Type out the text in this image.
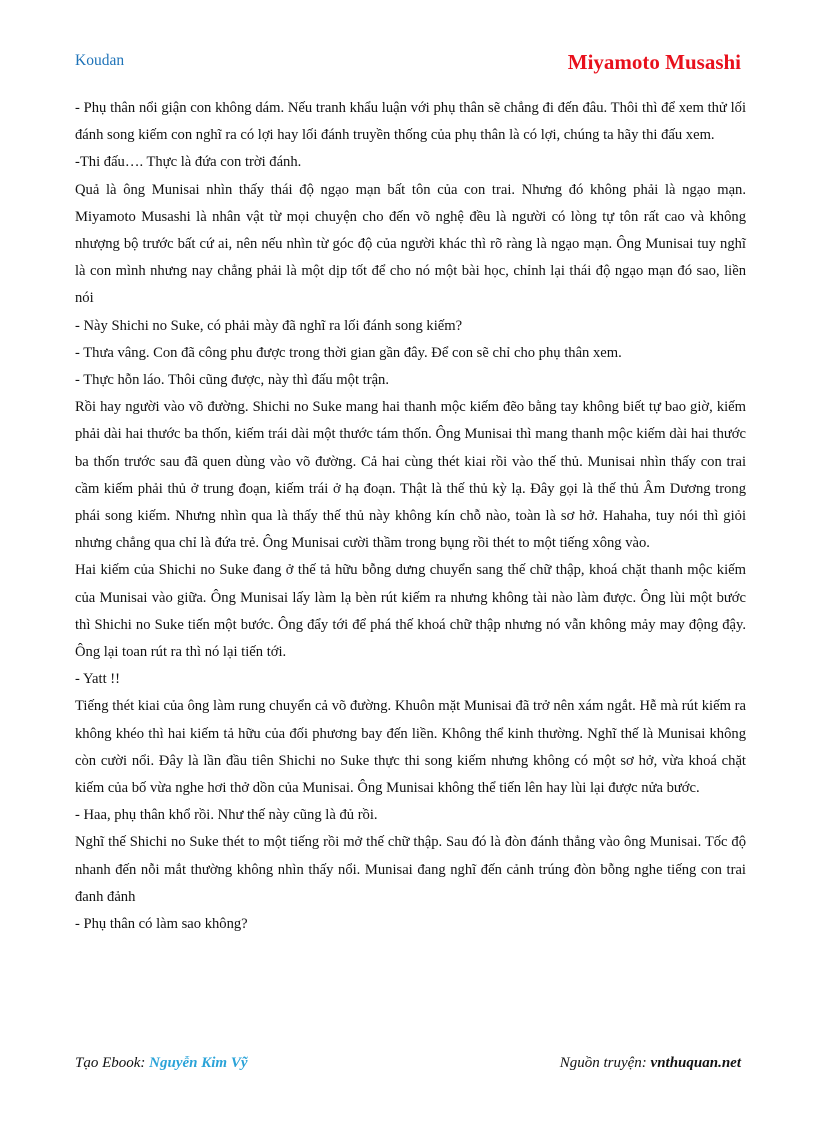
Koudan	Miyamoto Musashi

- Phụ thân nổi giận con không dám. Nếu tranh khẩu luận với phụ thân sẽ chẳng đi đến đâu. Thôi thì để xem thử lối đánh song kiếm con nghĩ ra có lợi hay lối đánh truyền thống của phụ thân là có lợi, chúng ta hãy thi đấu xem.

-Thi đấu…. Thực là đứa con trời đánh.

Quả là ông Munisai nhìn thấy thái độ ngạo mạn bất tôn của con trai. Nhưng đó không phải là ngạo mạn. Miyamoto Musashi là nhân vật từ mọi chuyện cho đến võ nghệ đều là người có lòng tự tôn rất cao và không nhượng bộ trước bất cứ ai, nên nếu nhìn từ góc độ của người khác thì rõ ràng là ngạo mạn. Ông Munisai tuy nghĩ là con mình nhưng nay chẳng phải là một dịp tốt để cho nó một bài học, chỉnh lại thái độ ngạo mạn đó sao, liền nói

- Này Shichi no Suke, có phải mày đã nghĩ ra lối đánh song kiếm?

- Thưa vâng. Con đã công phu được trong thời gian gần đây. Để con sẽ chỉ cho phụ thân xem.

- Thực hỗn láo. Thôi cũng được, này thì đấu một trận.

Rồi hay người vào võ đường. Shichi no Suke mang hai thanh mộc kiếm đẽo bằng tay không biết tự bao giờ, kiếm phải dài hai thước ba thốn, kiếm trái dài một thước tám thốn. Ông Munisai thì mang thanh mộc kiếm dài hai thước ba thốn trước sau đã quen dùng vào võ đường. Cả hai cùng thét kiai rồi vào thế thủ. Munisai nhìn thấy con trai cầm kiếm phải thủ ở trung đoạn, kiếm trái ở hạ đoạn. Thật là thế thủ kỳ lạ. Đây gọi là thế thủ Âm Dương trong phái song kiếm. Nhưng nhìn qua là thấy thế thủ này không kín chỗ nào, toàn là sơ hở. Hahaha, tuy nói thì giỏi nhưng chẳng qua chỉ là đứa trẻ. Ông Munisai cười thầm trong bụng rồi thét to một tiếng xông vào.

Hai kiếm của Shichi no Suke đang ở thế tả hữu bỗng dưng chuyển sang thế chữ thập, khoá chặt thanh mộc kiếm của Munisai vào giữa. Ông Munisai lấy làm lạ bèn rút kiếm ra nhưng không tài nào làm được. Ông lùi một bước thì Shichi no Suke tiến một bước. Ông đẩy tới để phá thế khoá chữ thập nhưng nó vẫn không mảy may động đậy. Ông lại toan rút ra thì nó lại tiến tới.

- Yatt !!

Tiếng thét kiai của ông làm rung chuyển cả võ đường. Khuôn mặt Munisai đã trở nên xám ngắt. Hễ mà rút kiếm ra không khéo thì hai kiếm tả hữu của đối phương bay đến liền. Không thể kinh thường. Nghĩ thế là Munisai không còn cười nổi. Đây là lần đầu tiên Shichi no Suke thực thi song kiếm nhưng không có một sơ hở, vừa khoá chặt kiếm của bố vừa nghe hơi thở dồn của Munisai. Ông Munisai không thể tiến lên hay lùi lại được nửa bước.

- Haa, phụ thân khổ rồi. Như thế này cũng là đủ rồi.

Nghĩ thế Shichi no Suke thét to một tiếng rồi mở thế chữ thập. Sau đó là đòn đánh thẳng vào ông Munisai. Tốc độ nhanh đến nỗi mắt thường không nhìn thấy nổi. Munisai đang nghĩ đến cảnh trúng đòn bỗng nghe tiếng con trai đanh đảnh

- Phụ thân có làm sao không?

Tạo Ebook: Nguyễn Kim Vỹ	Nguồn truyện: vnthuquan.net
